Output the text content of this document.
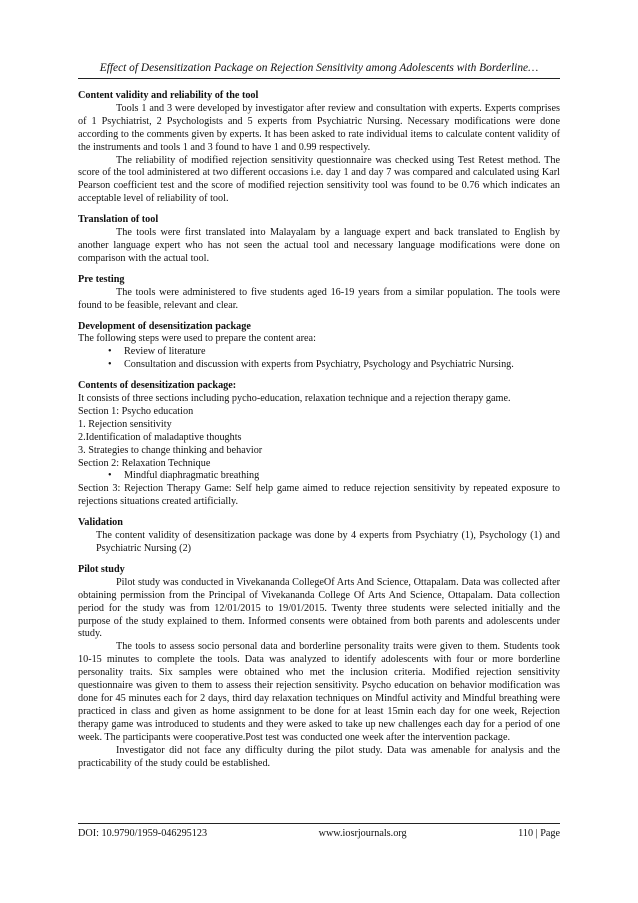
Effect of Desensitization Package on Rejection Sensitivity among Adolescents with Borderline…

Content validity and reliability of the tool

Tools 1 and 3 were developed by investigator after review and consultation with experts. Experts comprises of 1 Psychiatrist, 2 Psychologists and 5 experts from Psychiatric Nursing. Necessary modifications were done according to the comments given by experts. It has been asked to rate individual items to calculate content validity of the instruments and tools 1 and 3 found to have 1 and 0.99 respectively.

The reliability of modified rejection sensitivity questionnaire was checked using Test Retest method. The score of the tool administered at two different occasions i.e. day 1 and day 7 was compared and calculated using Karl Pearson coefficient test and the score of modified rejection sensitivity tool was found to be 0.76 which indicates an acceptable level of reliability of tool.

Translation of tool

The tools were first translated into Malayalam by a language expert and back translated to English by another language expert who has not seen the actual tool and necessary language modifications were done on comparison with the actual tool.

Pre testing

The tools were administered to five students aged 16-19 years from a similar population. The tools were found to be feasible, relevant and clear.

Development of desensitization package

The following steps were used to prepare the content area:

• Review of literature
• Consultation and discussion with experts from Psychiatry, Psychology and Psychiatric Nursing.

Contents of desensitization package:

It consists of three sections including pycho-education, relaxation technique and a rejection therapy game.

Section 1: Psycho education

1. Rejection sensitivity

2.Identification of maladaptive thoughts

3. Strategies to change thinking and behavior

Section 2: Relaxation Technique

• Mindful diaphragmatic breathing

Section 3: Rejection Therapy Game: Self help game aimed to reduce rejection sensitivity by repeated exposure to rejections situations created artificially.

Validation

The content validity of desensitization package was done by 4 experts from Psychiatry (1), Psychology (1) and Psychiatric Nursing (2)

Pilot study

Pilot study was conducted in Vivekananda CollegeOf Arts And Science, Ottapalam. Data was collected after obtaining permission from the Principal of Vivekananda College Of Arts And Science, Ottapalam. Data collection period for the study was from 12/01/2015 to 19/01/2015. Twenty three students were selected initially and the purpose of the study explained to them. Informed consents were obtained from both parents and adolescents under study.

The tools to assess socio personal data and borderline personality traits were given to them. Students took 10-15 minutes to complete the tools. Data was analyzed to identify adolescents with four or more borderline personality traits. Six samples were obtained who met the inclusion criteria. Modified rejection sensitivity questionnaire was given to them to assess their rejection sensitivity. Psycho education on behavior modification was done for 45 minutes each for 2 days, third day relaxation techniques on Mindful activity and Mindful breathing were practiced in class and given as home assignment to be done for at least 15min each day for one week, Rejection therapy game was introduced to students and they were asked to take up new challenges each day for a period of one week. The participants were cooperative.Post test was conducted one week after the intervention package.

Investigator did not face any difficulty during the pilot study. Data was amenable for analysis and the practicability of the study could be established.

DOI: 10.9790/1959-046295123	www.iosrjournals.org	110 | Page
